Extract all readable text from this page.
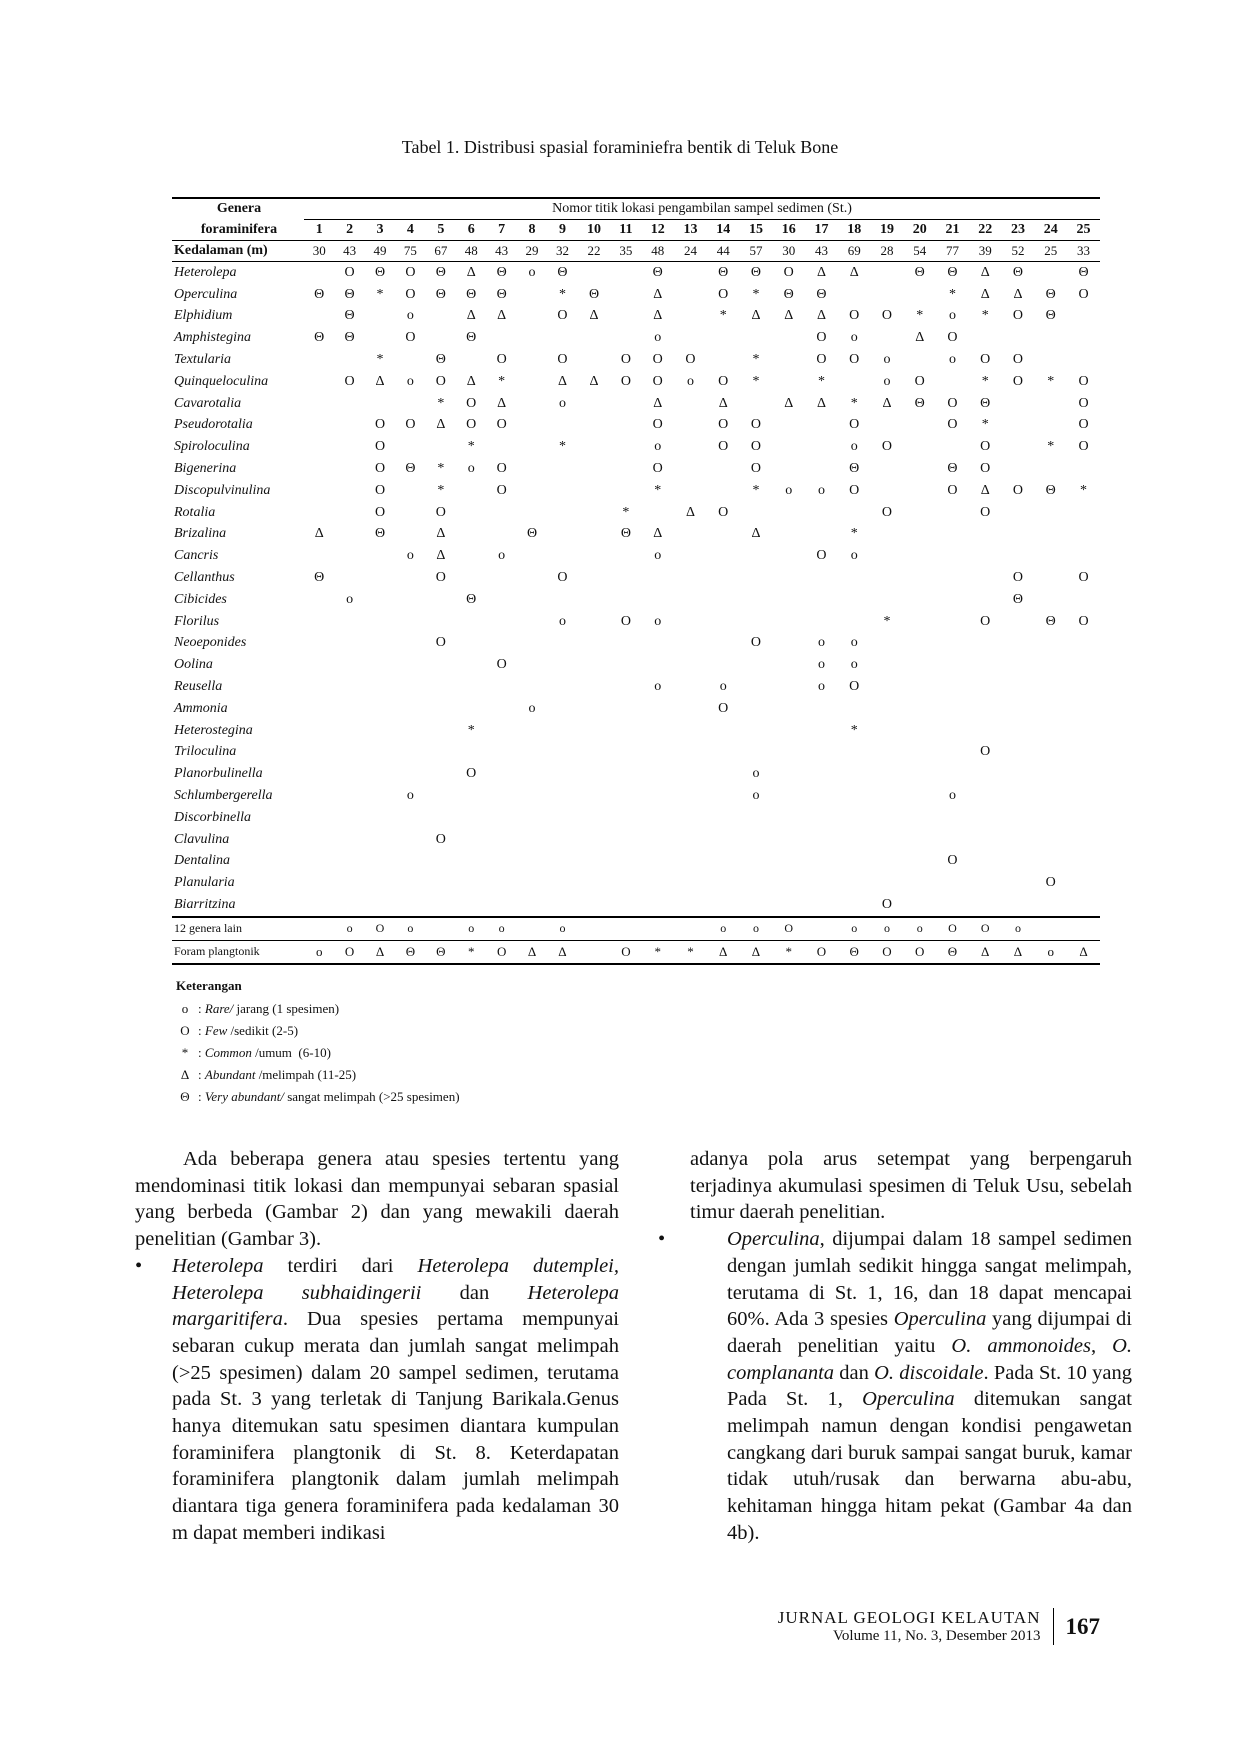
Tabel 1. Distribusi spasial foraminiefra bentik di Teluk Bone
Genera	Nomor titik lokasi pengambilan sampel sedimen (St.)																								
foraminifera	1	2	3	4	5	6	7	8	9	10	11	12	13	14	15	16	17	18	19	20	21	22	23	24	25
Kedalaman (m)	30	43	49	75	67	48	43	29	32	22	35	48	24	44	57	30	43	69	28	54	77	39	52	25	33
Heterolepa		O	Θ	O	Θ	Δ	Θ	o	Θ			Θ		Θ	Θ	O	Δ	Δ		Θ	Θ	Δ	Θ		Θ
Operculina	Θ	Θ	*	O	Θ	Θ	Θ		*	Θ		Δ		O	*	Θ	Θ				*	Δ	Δ	Θ	O
Elphidium		Θ		o		Δ	Δ		O	Δ		Δ		*	Δ	Δ	Δ	O	O	*	o	*	O	Θ	
Amphistegina	Θ	Θ		O		Θ						o					O	o		Δ	O				
Textularia			*		Θ		O		O		O	O	O		*		O	O	o		o	O	O		
Quinqueloculina		O	Δ	o	O	Δ	*		Δ	Δ	O	O	o	O	*		*		o	O		*	O	*	O
Cavarotalia					*	O	Δ		o			Δ		Δ		Δ	Δ	*	Δ	Θ	O	Θ			O
Pseudorotalia			O	O	Δ	O	O					O		O	O			O			O	*			O
Spiroloculina			O			*			*			o		O	O			o	O			O		*	O
Bigenerina			O	Θ	*	o	O					O			O			Θ			Θ	O			
Discopulvinulina			O		*		O					*			*	o	o	O			O	Δ	O	Θ	*
Rotalia			O		O						*		Δ	O					O			O			
Brizalina	Δ		Θ		Δ			Θ			Θ	Δ			Δ			*							
Cancris				o	Δ		o					o					O	o							
Cellanthus	Θ				O				O														O		O
Cibicides		o				Θ																	Θ		
Florilus									o		O	o							*			O		Θ	O
Neoeponides					O										O		o	o							
Oolina							O										o	o							
Reusella												o		o			o	O							
Ammonia								o						O											
Heterostegina						*												*							
Triloculina																						O			
Planorbulinella						O									o										
Schlumbergerella				o											o						o				
Discorbinella																									
Clavulina					O																				
Dentalina																					O				
Planularia																								O	
Biarritzina																			O						
12 genera lain		o	O	o		o	o		o					o	o	O		o	o	o	O	O	o		
Foram plangtonik	o	O	Δ	Θ	Θ	*	O	Δ	Δ		O	*	*	Δ	Δ	*	O	Θ	O	O	Θ	Δ	Δ	o	Δ
Keterangan
o : Rare/ jarang (1 spesimen)
O : Few /sedikit (2-5)
* : Common /umum  (6-10)
Δ : Abundant /melimpah (11-25)
Θ : Very abundant/ sangat melimpah (>25 spesimen)

Ada beberapa genera atau spesies tertentu yang mendominasi titik lokasi dan mempunyai sebaran spasial yang berbeda (Gambar 2) dan yang mewakili daerah penelitian (Gambar 3).

• Heterolepa terdiri dari Heterolepa dutemplei, Heterolepa subhaidingerii dan Heterolepa margaritifera. Dua spesies pertama mempunyai sebaran cukup merata dan jumlah sangat melimpah (>25 spesimen) dalam 20 sampel sedimen, terutama pada St. 3 yang terletak di Tanjung Barikala.Genus hanya ditemukan satu spesimen diantara kumpulan foraminifera plangtonik di St. 8. Keterdapatan foraminifera plangtonik dalam jumlah melimpah diantara tiga genera foraminifera pada kedalaman 30 m dapat memberi indikasi

adanya pola arus setempat yang berpengaruh terjadinya akumulasi spesimen di Teluk Usu, sebelah timur daerah penelitian.

•	Operculina, dijumpai dalam 18 sampel sedimen dengan jumlah sedikit hingga sangat melimpah, terutama di St. 1, 16, dan 18 dapat mencapai 60%. Ada 3 spesies Operculina yang dijumpai di daerah penelitian yaitu O. ammonoides, O. complananta dan O. discoidale. Pada St. 10 yang Pada St. 1, Operculina ditemukan sangat melimpah namun dengan kondisi pengawetan cangkang dari buruk sampai sangat buruk, kamar tidak utuh/rusak dan berwarna abu-abu, kehitaman hingga hitam pekat (Gambar 4a dan 4b).

JURNAL GEOLOGI KELAUTAN
Volume 11, No. 3, Desember 2013	167
